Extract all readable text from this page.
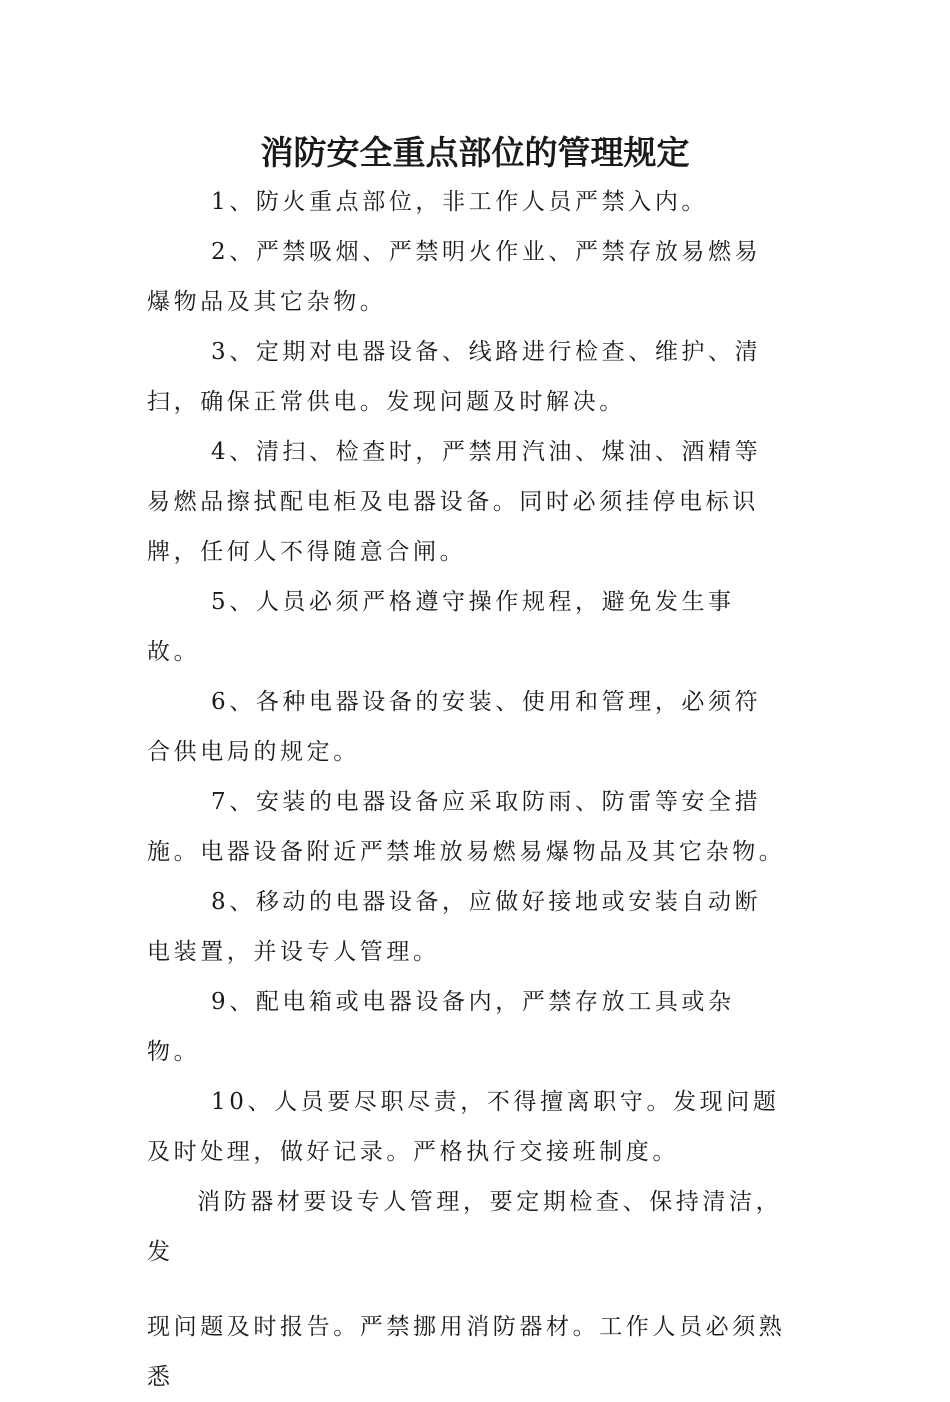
消防安全重点部位的管理规定

1、防火重点部位，非工作人员严禁入内。

2、严禁吸烟、严禁明火作业、严禁存放易燃易爆物品及其它杂物。

3、定期对电器设备、线路进行检查、维护、清扫，确保正常供电。发现问题及时解决。

4、清扫、检查时，严禁用汽油、煤油、酒精等易燃品擦拭配电柜及电器设备。同时必须挂停电标识牌，任何人不得随意合闸。

5、人员必须严格遵守操作规程，避免发生事故。

6、各种电器设备的安装、使用和管理，必须符合供电局的规定。

7、安装的电器设备应采取防雨、防雷等安全措施。电器设备附近严禁堆放易燃易爆物品及其它杂物。

8、移动的电器设备，应做好接地或安装自动断电装置，并设专人管理。

9、配电箱或电器设备内，严禁存放工具或杂物。

10、人员要尽职尽责，不得擅离职守。发现问题及时处理，做好记录。严格执行交接班制度。

消防器材要设专人管理，要定期检查、保持清洁，发
现问题及时报告。严禁挪用消防器材。工作人员必须熟悉
